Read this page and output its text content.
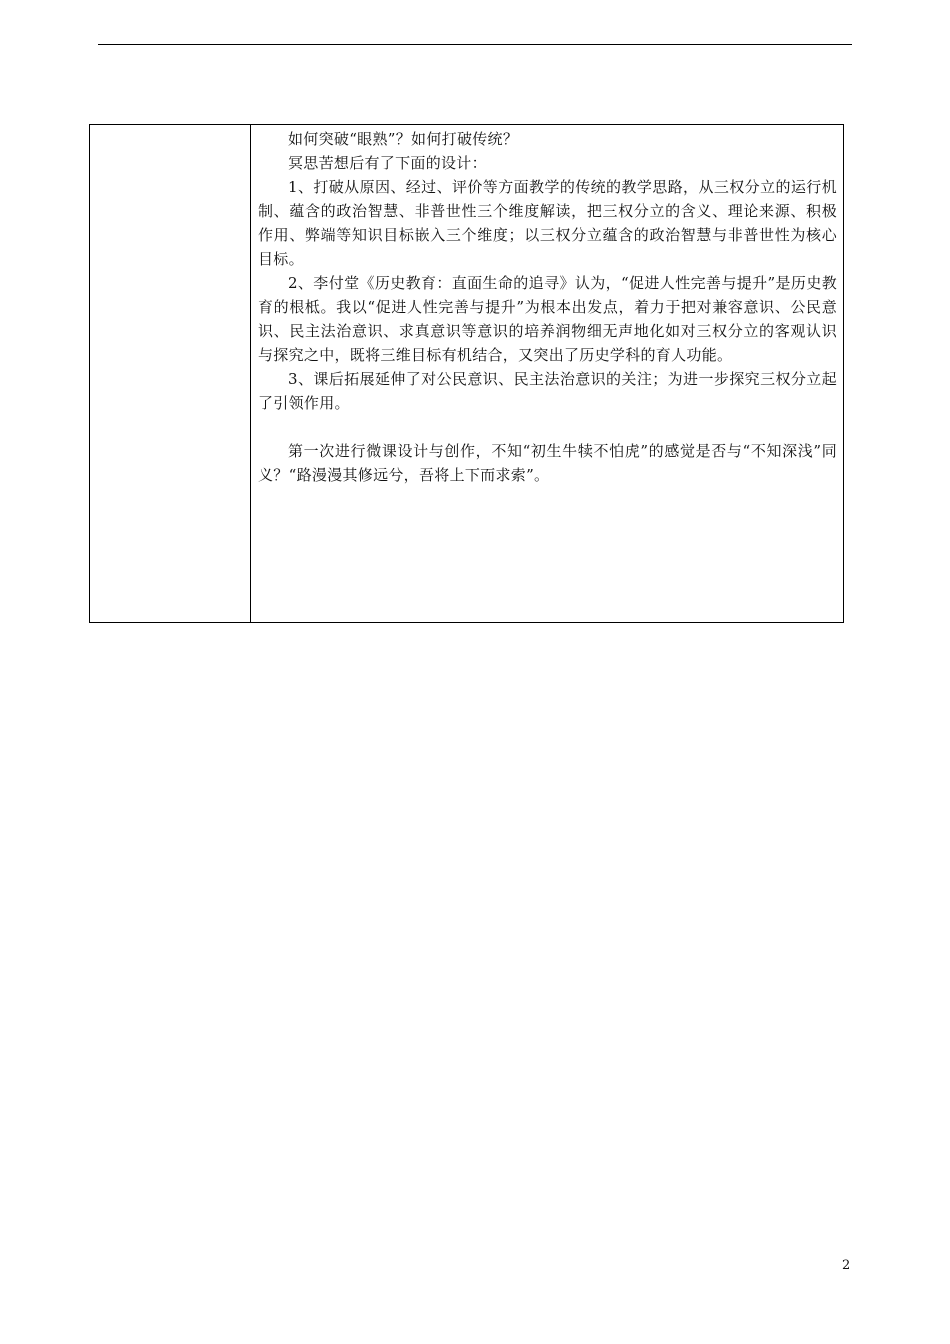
如何突破“眼熟”？如何打破传统？

冥思苦想后有了下面的设计：

1、打破从原因、经过、评价等方面教学的传统的教学思路，从三权分立的运行机制、蕴含的政治智慧、非普世性三个维度解读，把三权分立的含义、理论来源、积极作用、弊端等知识目标嵌入三个维度；以三权分立蕴含的政治智慧与非普世性为核心目标。

2、李付堂《历史教育：直面生命的追寻》认为，“促进人性完善与提升”是历史教育的根柢。我以“促进人性完善与提升”为根本出发点，着力于把对兼容意识、公民意识、民主法治意识、求真意识等意识的培养润物细无声地化如对三权分立的客观认识与探究之中，既将三维目标有机结合，又突出了历史学科的育人功能。

3、课后拓展延伸了对公民意识、民主法治意识的关注；为进一步探究三权分立起了引领作用。

第一次进行微课设计与创作，不知“初生牛犊不怕虎”的感觉是否与“不知深浅”同义？“路漫漫其修远兮，吾将上下而求索”。

2
